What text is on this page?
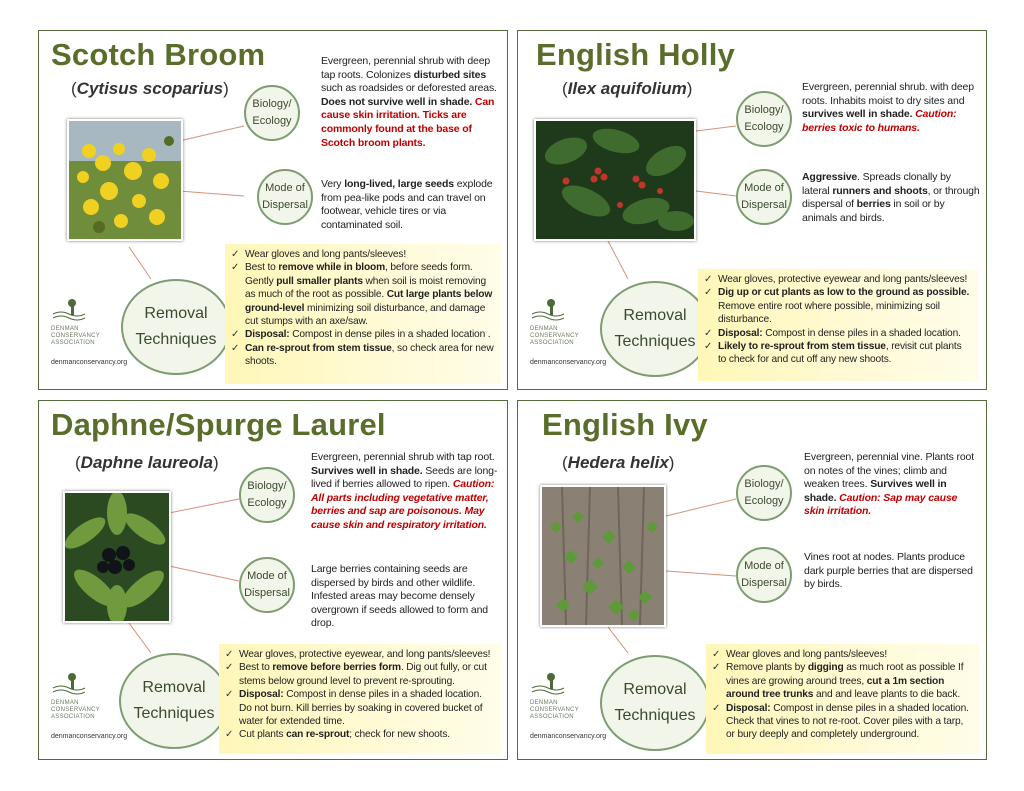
Scotch Broom
(Cytisus scoparius)
Biology/
Ecology
Mode of
Dispersal
Evergreen, perennial shrub with deep tap roots. Colonizes disturbed sites such as roadsides or deforested areas. Does not survive well in shade. Can cause skin irritation. Ticks are commonly found at the base of Scotch broom plants.
Very long-lived, large seeds explode from pea-like pods and can travel on footwear, vehicle tires or via contaminated soil.
Removal
Techniques
✓ Wear gloves and long pants/sleeves!
✓ Best to remove while in bloom, before seeds form. Gently pull smaller plants when soil is moist removing as much of the root as possible. Cut large plants below ground-level minimizing soil disturbance, and damage cut stumps with an axe/saw.
✓ Disposal: Compost in dense piles in a shaded location .
✓ Can re-sprout from stem tissue, so check area for new shoots.
DENMAN
CONSERVANCY
ASSOCIATION
denmanconservancy.org
English Holly
(Ilex aquifolium)
Biology/
Ecology
Mode of
Dispersal
Evergreen, perennial shrub. with deep roots. Inhabits moist to dry sites and survives well in shade. Caution: berries toxic to humans.
Aggressive. Spreads clonally by lateral runners and shoots, or through dispersal of berries in soil or by animals and birds.
Removal
Techniques
✓ Wear gloves, protective eyewear and long pants/sleeves!
✓ Dig up or cut plants as low to the ground as possible. Remove entire root where possible, minimizing soil disturbance.
✓ Disposal: Compost in dense piles in a shaded location.
✓ Likely to re-sprout from stem tissue, revisit cut plants to check for and cut off any new shoots.
DENMAN
CONSERVANCY
ASSOCIATION
denmanconservancy.org
Daphne/Spurge Laurel
(Daphne laureola)
Biology/
Ecology
Mode of
Dispersal
Evergreen, perennial shrub with tap root. Survives well in shade. Seeds are long-lived if berries allowed to ripen. Caution: All parts including vegetative matter, berries and sap are poisonous. May cause skin and respiratory irritation.
Large berries containing seeds are dispersed by birds and other wildlife. Infested areas may become densely overgrown if seeds allowed to form and drop.
Removal
Techniques
✓ Wear gloves, protective eyewear, and long pants/sleeves!
✓ Best to remove before berries form. Dig out fully, or cut stems below ground level to prevent re-sprouting.
✓ Disposal: Compost in dense piles in a shaded location. Do not burn. Kill berries by soaking in covered bucket of water for extended time.
✓ Cut plants can re-sprout; check for new shoots.
DENMAN
CONSERVANCY
ASSOCIATION
denmanconservancy.org
English Ivy
(Hedera helix)
Biology/
Ecology
Mode of
Dispersal
Evergreen, perennial vine. Plants root on notes of the vines; climb and weaken trees. Survives well in shade. Caution: Sap may cause skin irritation.
Vines root at nodes. Plants produce dark purple berries that are dispersed by birds.
Removal
Techniques
✓ Wear gloves and long pants/sleeves!
✓ Remove plants by digging as much root as possible If vines are growing around trees, cut a 1m section around tree trunks and and leave plants to die back.
✓ Disposal: Compost in dense piles in a shaded location. Check that vines to not re-root. Cover piles with a tarp, or bury deeply and completely underground.
DENMAN
CONSERVANCY
ASSOCIATION
denmanconservancy.org
